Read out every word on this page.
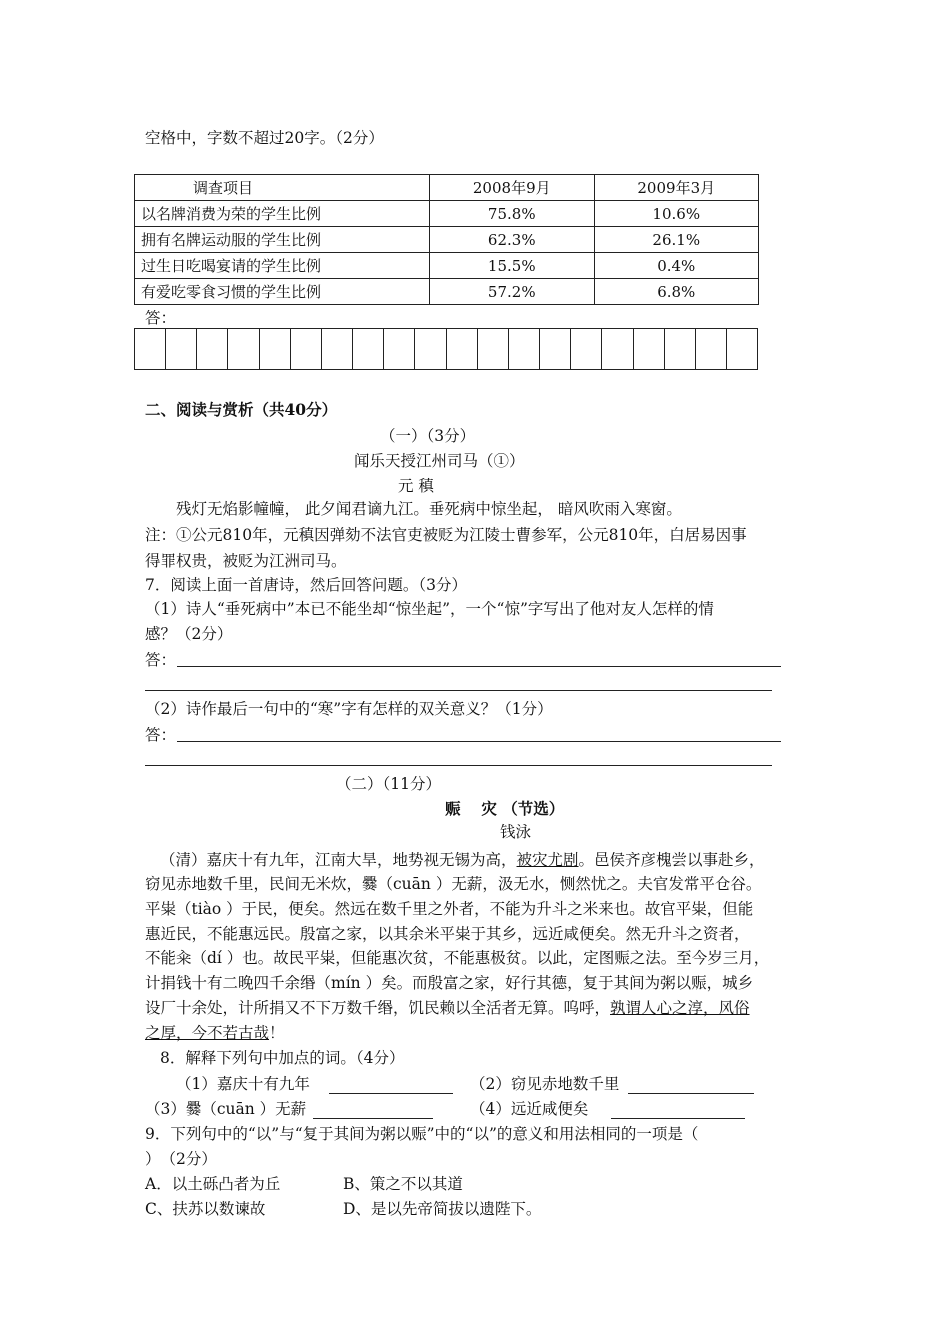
空格中，字数不超过20字。（2分）
调查项目	2008年9月	2009年3月
以名牌消费为荣的学生比例	75.8%	10.6%
拥有名牌运动服的学生比例	62.3%	26.1%
过生日吃喝宴请的学生比例	15.5%	0.4%
有爱吃零食习惯的学生比例	57.2%	6.8%
答：
二、阅读与赏析（共40分）
（一）（3分）
闻乐天授江州司马（①）
元 稹
残灯无焰影幢幢， 此夕闻君谪九江。垂死病中惊坐起， 暗风吹雨入寒窗。
注：①公元810年，元稹因弹劾不法官吏被贬为江陵士曹参军，公元810年，白居易因事
得罪权贵，被贬为江洲司马。
7．阅读上面一首唐诗，然后回答问题。（3分）
（1）诗人“垂死病中”本已不能坐却“惊坐起”，一个“惊”字写出了他对友人怎样的情
感？（2分）
答：
（2）诗作最后一句中的“寒”字有怎样的双关意义？（1分）
答：
（二）（11分）
赈　 灾 （节选）
钱泳
（清）嘉庆十有九年，江南大旱，地势视无锡为高，被灾尤剧。邑侯齐彦槐尝以事赴乡，
窃见赤地数千里，民间无米炊，爨（cuān ）无薪，汲无水，恻然忧之。夫官发常平仓谷。
平粜（tiào ）于民，便矣。然远在数千里之外者，不能为升斗之米来也。故官平粜，但能
惠近民，不能惠远民。殷富之家，以其余米平粜于其乡，远近咸便矣。然无升斗之资者，
不能籴（dí ）也。故民平粜，但能惠次贫，不能惠极贫。以此，定图赈之法。至今岁三月，
计捐钱十有二晚四千余缗（mín ）矣。而殷富之家，好行其德，复于其间为粥以赈，城乡
设厂十余处，计所捐又不下万数千缗，饥民赖以全活者无算。呜呼，孰谓人心之淳，风俗
之厚，今不若古哉！
8．解释下列句中加点的词。（4分）
（1）嘉庆十有九年	（2）窃见赤地数千里
（3）爨（cuān ）无薪	（4）远近咸便矣
9．下列句中的“以”与“复于其间为粥以赈”中的“以”的意义和用法相同的一项是（
）　（2分）
A．以土砾凸者为丘	B、策之不以其道
C、扶苏以数谏故	D、是以先帝简拔以遗陛下。
